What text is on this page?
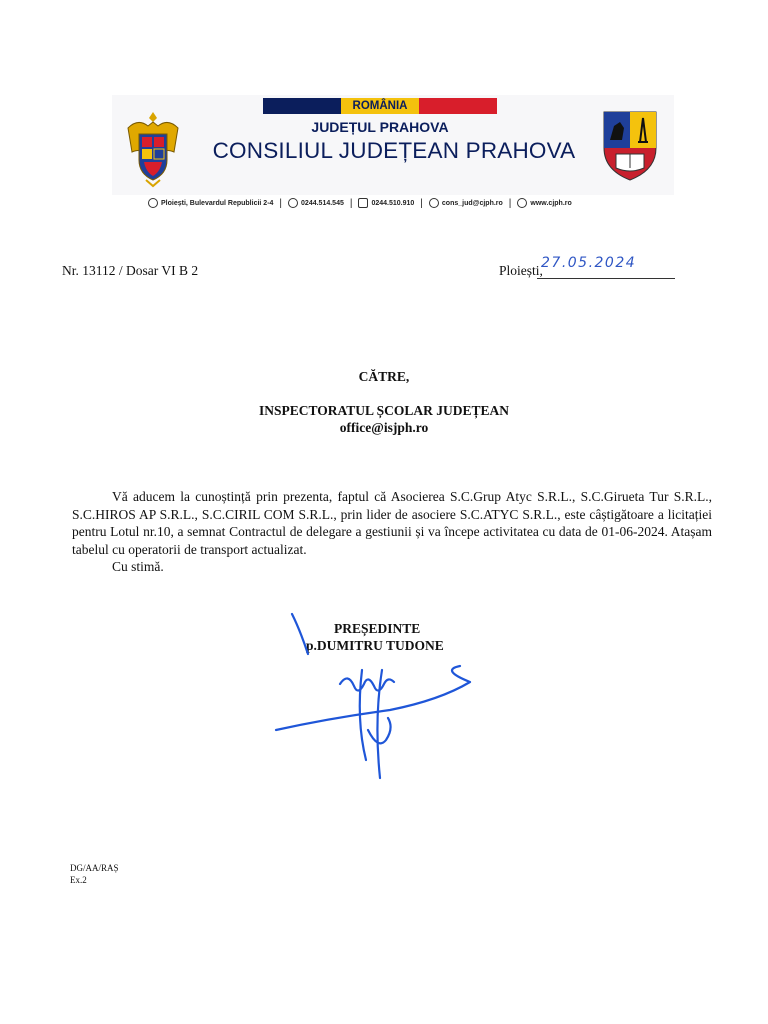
ROMÂNIA
JUDEȚUL PRAHOVA
CONSILIUL JUDEȚEAN PRAHOVA
Ploiești, Bulevardul Republicii 2-4 |	0244.514.545 |	0244.510.910 |	cons_jud@cjph.ro |	www.cjph.ro
Nr. 13112 / Dosar VI B 2	Ploiești,
27.05.2024
CĂTRE,
INSPECTORATUL ȘCOLAR JUDEȚEAN
office@isjph.ro

Vă aducem la cunoștință prin prezenta, faptul că Asocierea S.C.Grup Atyc S.R.L., S.C.Girueta Tur S.R.L., S.C.HIROS AP S.R.L., S.C.CIRIL COM S.R.L., prin lider de asociere S.C.ATYC S.R.L., este câștigătoare a licitației pentru Lotul nr.10, a semnat Contractul de delegare a gestiunii și va începe activitatea cu data de 01-06-2024. Atașam tabelul cu operatorii de transport actualizat.

Cu stimă.
PREȘEDINTE
p.DUMITRU TUDONE
DG/AA/RAȘ
Ex.2
